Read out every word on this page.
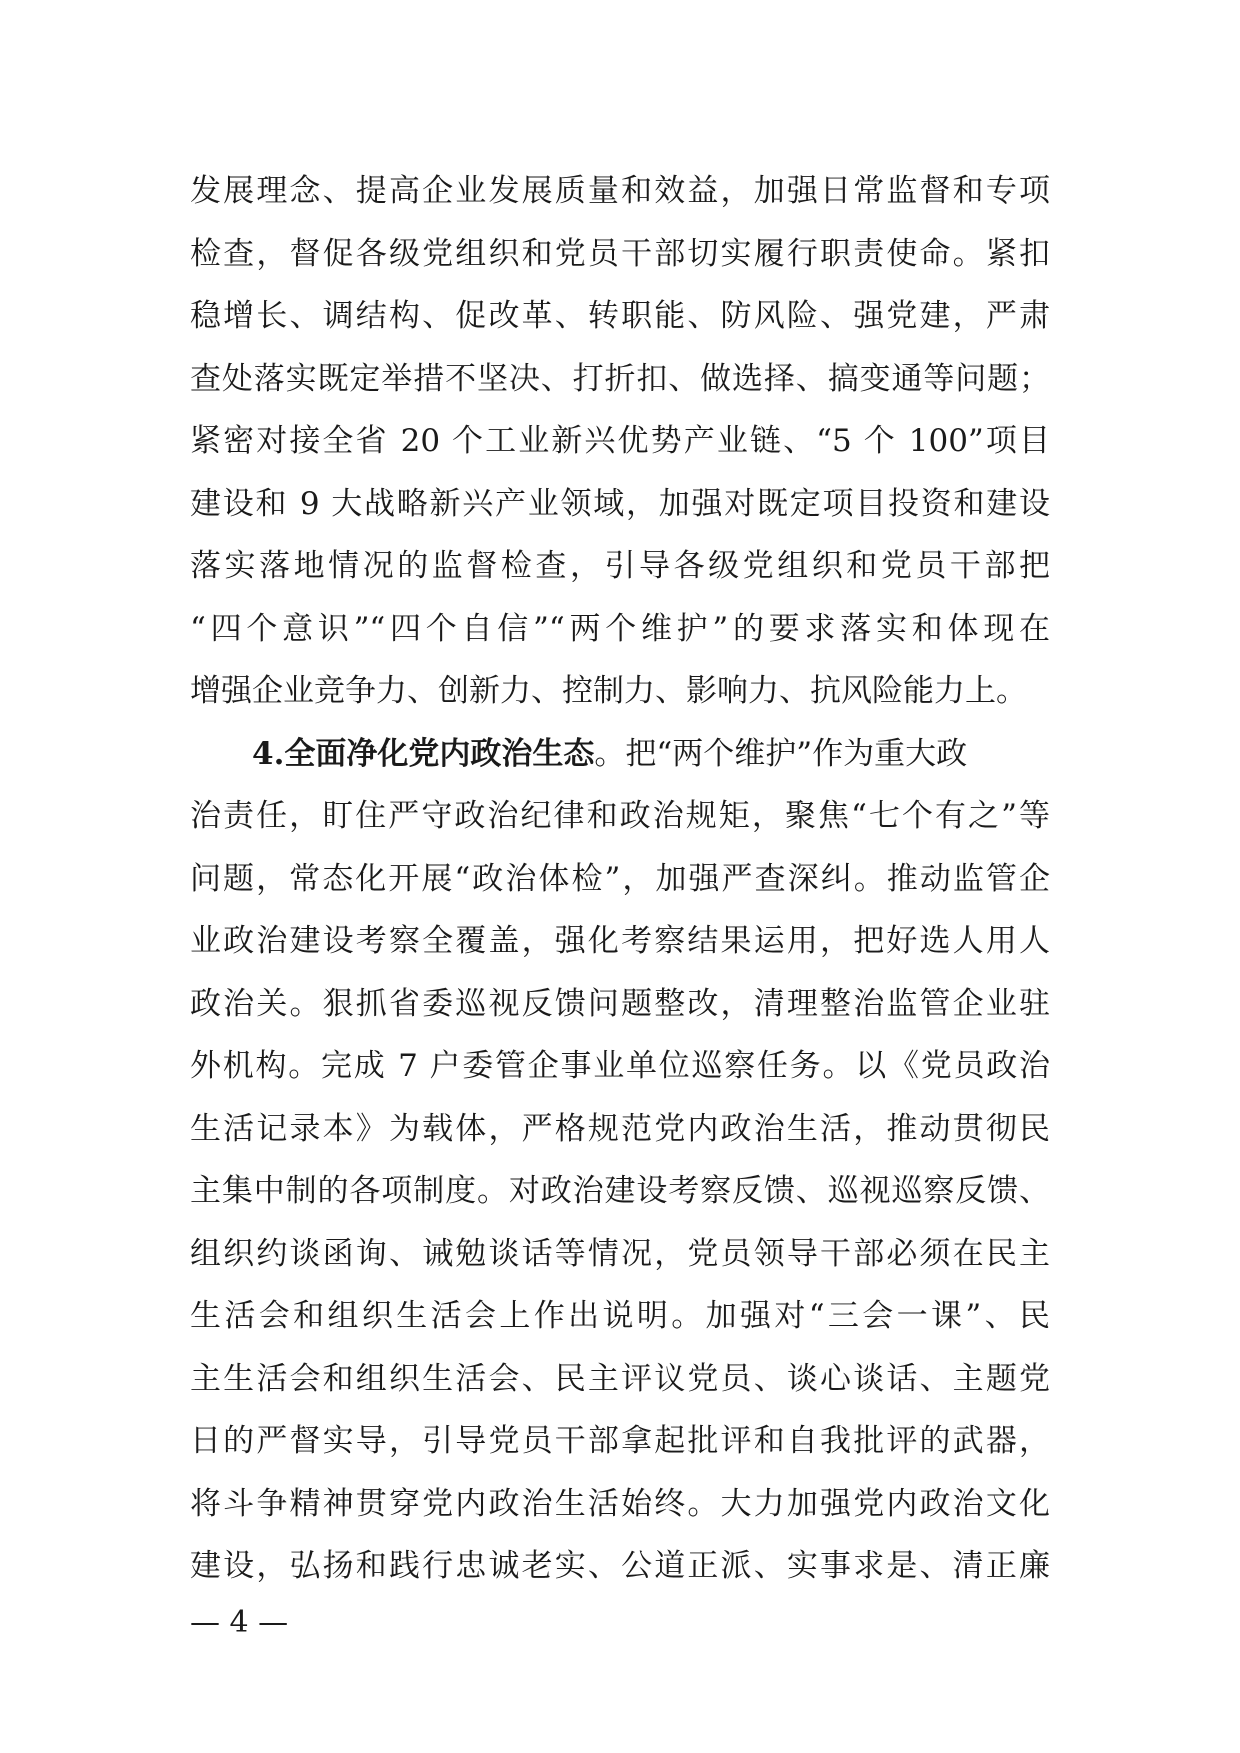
发展理念、提高企业发展质量和效益，加强日常监督和专项
检查，督促各级党组织和党员干部切实履行职责使命。紧扣
稳增长、调结构、促改革、转职能、防风险、强党建，严肃
查处落实既定举措不坚决、打折扣、做选择、搞变通等问题；
紧密对接全省 20 个工业新兴优势产业链、“5 个 100”项目
建设和 9 大战略新兴产业领域，加强对既定项目投资和建设
落实落地情况的监督检查，引导各级党组织和党员干部把
“四个意识”“四个自信”“两个维护”的要求落实和体现在
增强企业竞争力、创新力、控制力、影响力、抗风险能力上。
4.全面净化党内政治生态。把“两个维护”作为重大政
治责任，盯住严守政治纪律和政治规矩，聚焦“七个有之”等
问题，常态化开展“政治体检”，加强严查深纠。推动监管企
业政治建设考察全覆盖，强化考察结果运用，把好选人用人
政治关。狠抓省委巡视反馈问题整改，清理整治监管企业驻
外机构。完成 7 户委管企事业单位巡察任务。以《党员政治
生活记录本》为载体，严格规范党内政治生活，推动贯彻民
主集中制的各项制度。对政治建设考察反馈、巡视巡察反馈、
组织约谈函询、诫勉谈话等情况，党员领导干部必须在民主
生活会和组织生活会上作出说明。加强对“三会一课”、民
主生活会和组织生活会、民主评议党员、谈心谈话、主题党
日的严督实导，引导党员干部拿起批评和自我批评的武器，
将斗争精神贯穿党内政治生活始终。大力加强党内政治文化
建设，弘扬和践行忠诚老实、公道正派、实事求是、清正廉
— 4 —
